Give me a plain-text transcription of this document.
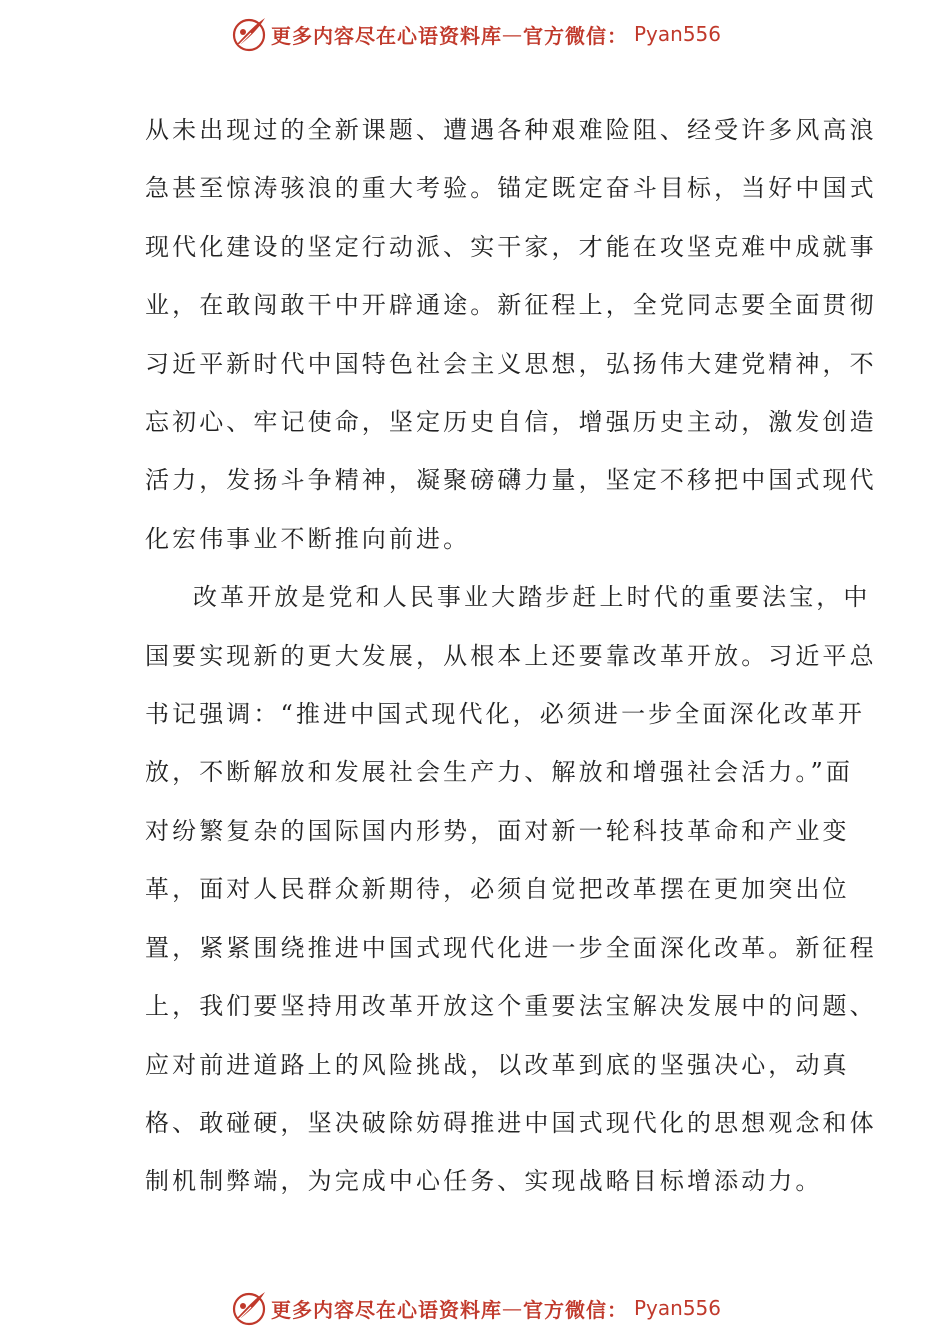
更多内容尽在心语资料库 — 官方微信： Pyan556

从未出现过的全新课题、遭遇各种艰难险阻、经受许多风高浪
急甚至惊涛骇浪的重大考验。锚定既定奋斗目标，当好中国式
现代化建设的坚定行动派、实干家，才能在攻坚克难中成就事
业，在敢闯敢干中开辟通途。新征程上，全党同志要全面贯彻
习近平新时代中国特色社会主义思想，弘扬伟大建党精神，不
忘初心、牢记使命，坚定历史自信，增强历史主动，激发创造
活力，发扬斗争精神，凝聚磅礴力量，坚定不移把中国式现代
化宏伟事业不断推向前进。

改革开放是党和人民事业大踏步赶上时代的重要法宝，中
国要实现新的更大发展，从根本上还要靠改革开放。习近平总
书记强调：“推进中国式现代化，必须进一步全面深化改革开
放，不断解放和发展社会生产力、解放和增强社会活力。”面
对纷繁复杂的国际国内形势，面对新一轮科技革命和产业变
革，面对人民群众新期待，必须自觉把改革摆在更加突出位
置，紧紧围绕推进中国式现代化进一步全面深化改革。新征程
上，我们要坚持用改革开放这个重要法宝解决发展中的问题、
应对前进道路上的风险挑战，以改革到底的坚强决心，动真
格、敢碰硬，坚决破除妨碍推进中国式现代化的思想观念和体
制机制弊端，为完成中心任务、实现战略目标增添动力。

更多内容尽在心语资料库 — 官方微信： Pyan556
